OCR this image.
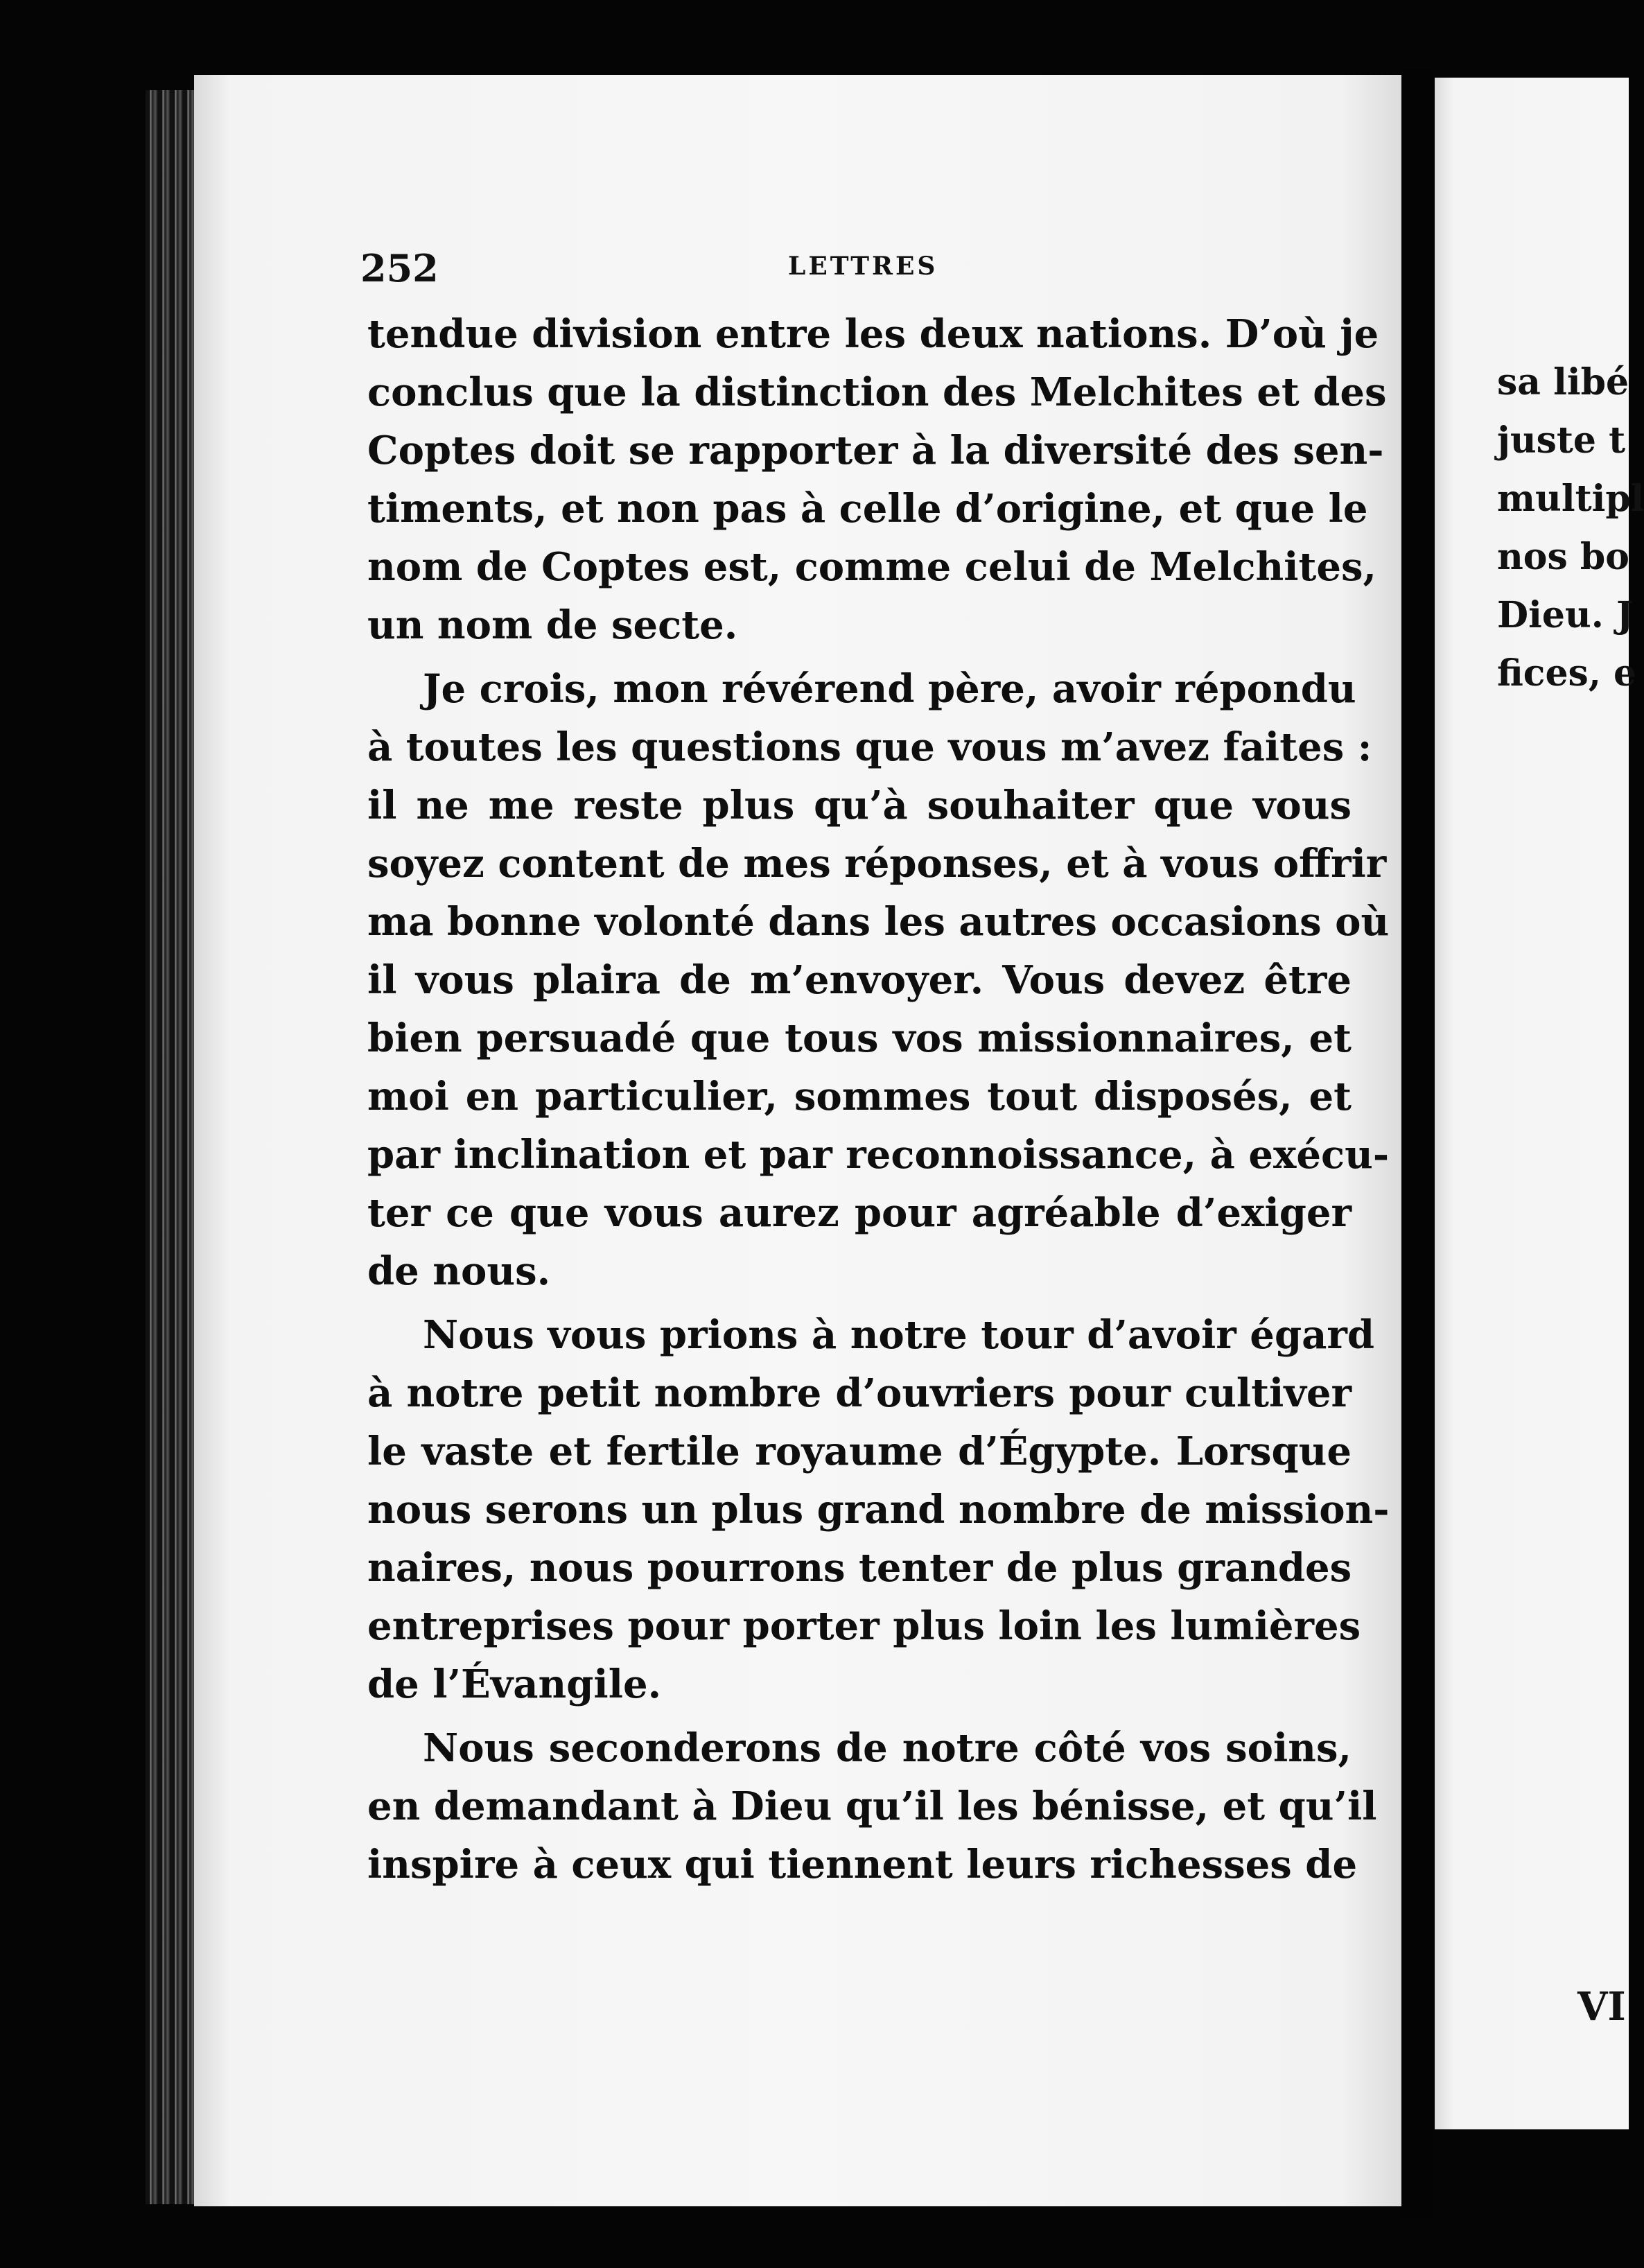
252	LETTRES
tendue division entre les deux nations. D’où je
conclus que la distinction des Melchites et des
Coptes doit se rapporter à la diversité des sen-
timents, et non pas à celle d’origine, et que le
nom de Coptes est, comme celui de Melchites,
un nom de secte.
Je crois, mon révérend père, avoir répondu
à toutes les questions que vous m’avez faites :
il ne me reste plus qu’à souhaiter que vous
soyez content de mes réponses, et à vous offrir
ma bonne volonté dans les autres occasions où
il vous plaira de m’envoyer. Vous devez être
bien persuadé que tous vos missionnaires, et
moi en particulier, sommes tout disposés, et
par inclination et par reconnoissance, à exécu-
ter ce que vous aurez pour agréable d’exiger
de nous.
Nous vous prions à notre tour d’avoir égard
à notre petit nombre d’ouvriers pour cultiver
le vaste et fertile royaume d’Égypte. Lorsque
nous serons un plus grand nombre de mission-
naires, nous pourrons tenter de plus grandes
entreprises pour porter plus loin les lumières
de l’Évangile.
Nous seconderons de notre côté vos soins,
en demandant à Dieu qu’il les bénisse, et qu’il
inspire à ceux qui tiennent leurs richesses de
sa libé
juste t
multipl
nos bo
Dieu. J
fices, e
VI
